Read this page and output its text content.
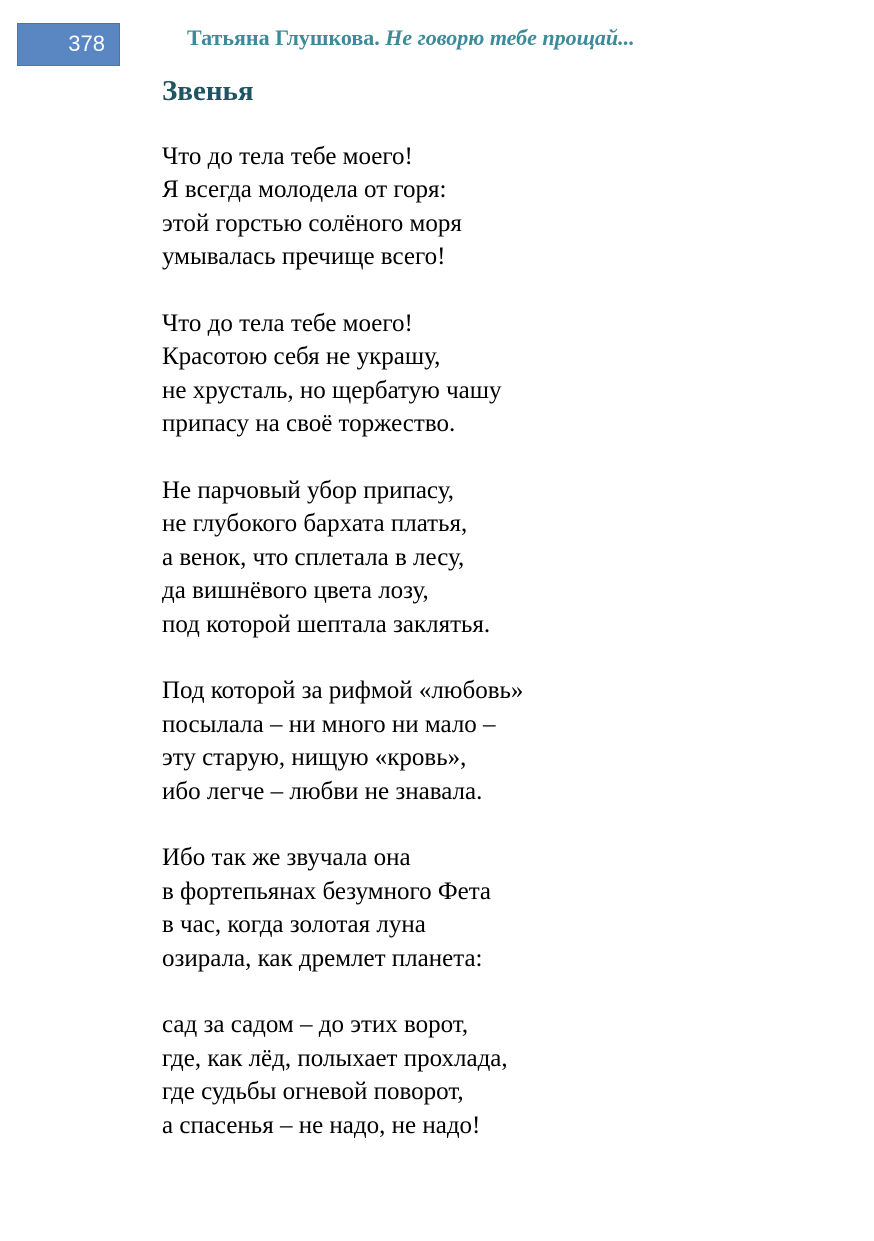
378	Татьяна Глушкова. Не говорю тебе прощай...
Звенья
Что до тела тебе моего!
Я всегда молодела от горя:
этой горстью солёного моря
умывалась пречище всего!
Что до тела тебе моего!
Красотою себя не украшу,
не хрусталь, но щербатую чашу
припасу на своё торжество.
Не парчовый убор припасу,
не глубокого бархата платья,
а венок, что сплетала в лесу,
да вишнёвого цвета лозу,
под которой шептала заклятья.
Под которой за рифмой «любовь»
посылала – ни много ни мало –
эту старую, нищую «кровь»,
ибо легче – любви не знавала.
Ибо так же звучала она
в фортепьянах безумного Фета
в час, когда золотая луна
озирала, как дремлет планета:
сад за садом – до этих ворот,
где, как лёд, полыхает прохлада,
где судьбы огневой поворот,
а спасенья – не надо, не надо!
